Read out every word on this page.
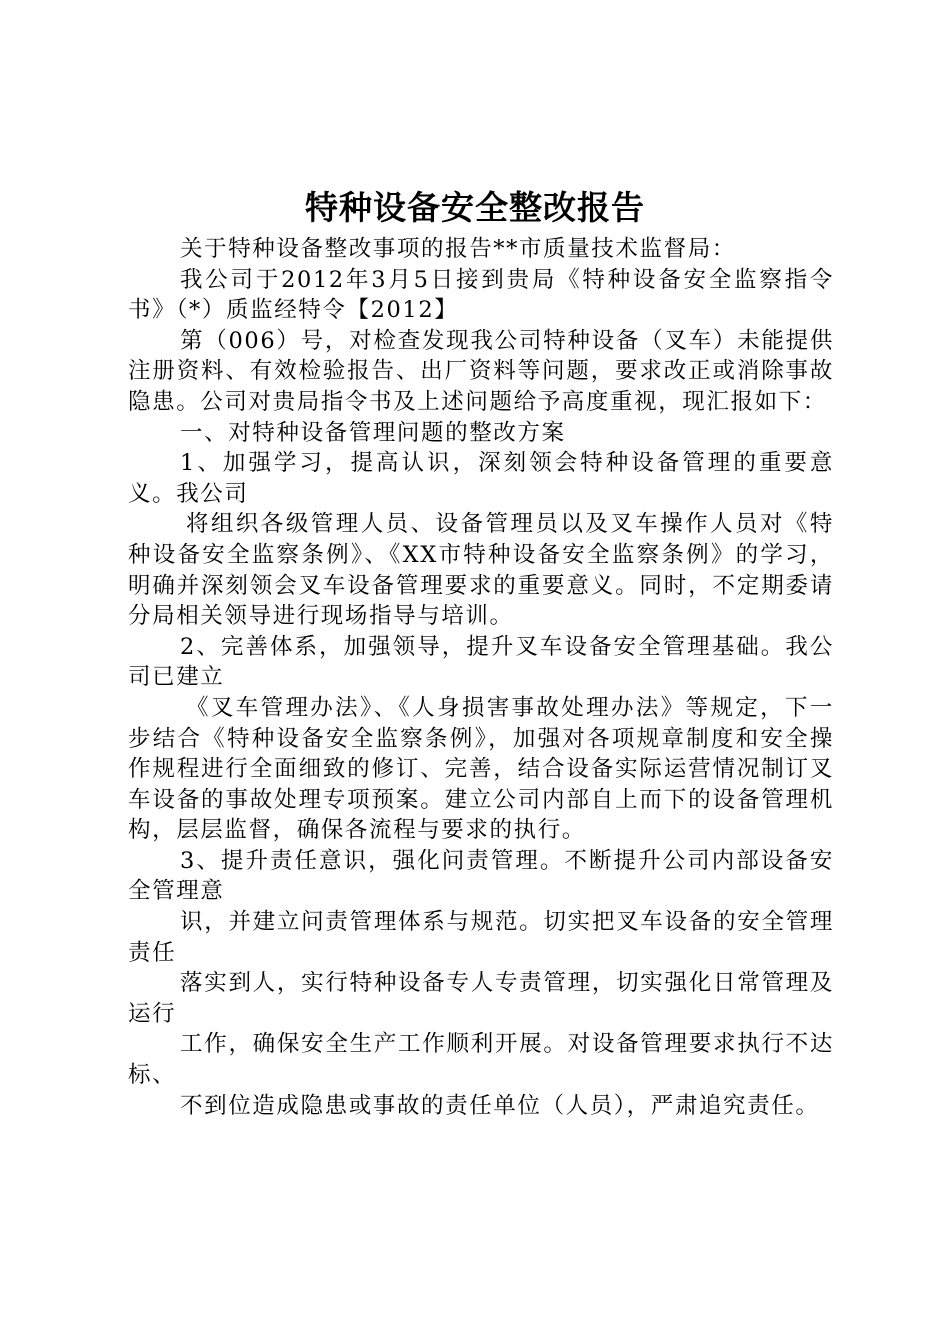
特种设备安全整改报告

关于特种设备整改事项的报告**市质量技术监督局：

我公司于2012年3月5日接到贵局《特种设备安全监察指令书》（*）质监经特令【2012】

第（006）号，对检查发现我公司特种设备（叉车）未能提供注册资料、有效检验报告、出厂资料等问题，要求改正或消除事故隐患。公司对贵局指令书及上述问题给予高度重视，现汇报如下：

一、对特种设备管理问题的整改方案

1、加强学习，提高认识，深刻领会特种设备管理的重要意义。我公司

将组织各级管理人员、设备管理员以及叉车操作人员对《特种设备安全监察条例》、《XX市特种设备安全监察条例》的学习，明确并深刻领会叉车设备管理要求的重要意义。同时，不定期委请分局相关领导进行现场指导与培训。

2、完善体系，加强领导，提升叉车设备安全管理基础。我公司已建立

《叉车管理办法》、《人身损害事故处理办法》等规定，下一步结合《特种设备安全监察条例》，加强对各项规章制度和安全操作规程进行全面细致的修订、完善，结合设备实际运营情况制订叉车设备的事故处理专项预案。建立公司内部自上而下的设备管理机构，层层监督，确保各流程与要求的执行。

3、提升责任意识，强化问责管理。不断提升公司内部设备安全管理意

识，并建立问责管理体系与规范。切实把叉车设备的安全管理责任

落实到人，实行特种设备专人专责管理，切实强化日常管理及运行

工作，确保安全生产工作顺利开展。对设备管理要求执行不达标、

不到位造成隐患或事故的责任单位（人员），严肃追究责任。
